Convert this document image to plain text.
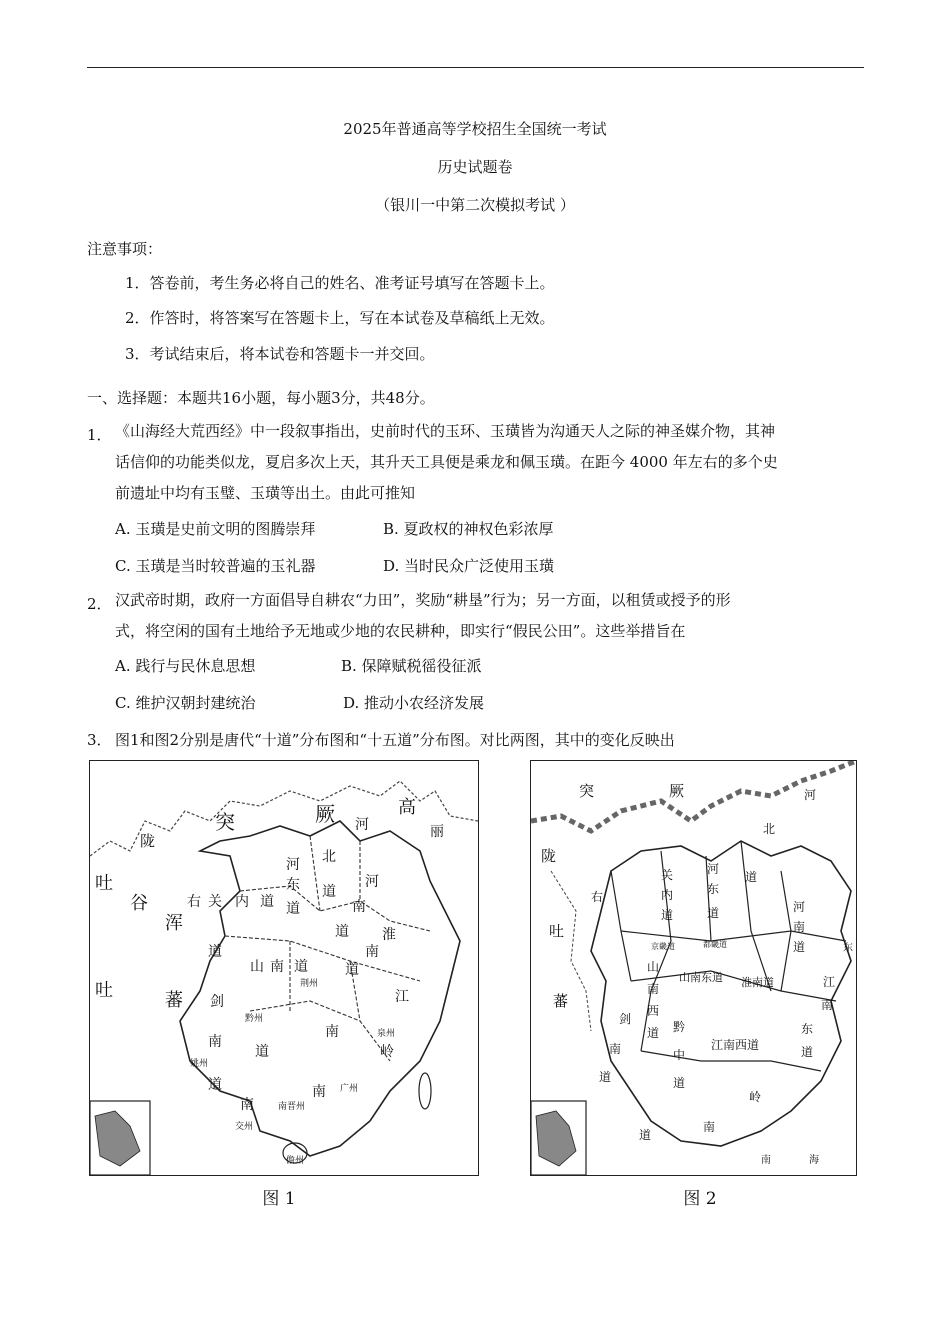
2025年普通高等学校招生全国统一考试
历史试题卷
（银川一中第二次模拟考试 ）
注意事项：
1．答卷前，考生务必将自己的姓名、准考证号填写在答题卡上。
2．作答时，将答案写在答题卡上，写在本试卷及草稿纸上无效。
3．考试结束后，将本试卷和答题卡一并交回。
一、选择题：本题共16小题，每小题3分，共48分。
1． 《山海经大荒西经》中一段叙事指出，史前时代的玉环、玉璜皆为沟通天人之际的神圣媒介物，其神
话信仰的功能类似龙，夏启多次上天，其升天工具便是乘龙和佩玉璜。在距今 4000 年左右的多个史
前遗址中均有玉璧、玉璜等出土。由此可推知
A. 玉璜是史前文明的图腾崇拜	B. 夏政权的神权色彩浓厚
C. 玉璜是当时较普遍的玉礼器	D. 当时民众广泛使用玉璜
2． 汉武帝时期，政府一方面倡导自耕农“力田”，奖励“耕垦”行为；另一方面，以租赁或授予的形
式，将空闲的国有土地给予无地或少地的农民耕种，即实行“假民公田”。这些举措旨在
A. 践行与民休息思想	B. 保障赋税徭役征派
C. 维护汉朝封建统治	D. 推动小农经济发展
3． 图1和图2分别是唐代“十道”分布图和“十五道”分布图。对比两图，其中的变化反映出
突	厥	高
丽
陇
吐
谷
浑
吐	蕃
河
北
道
河
东
道
关 内 道
右
道
河
南
道 淮
南
道
山 南 道
荆州
剑
南
道
黔州
江
南	泉州
岭
道
姚州
南 广州
南	南晋州
交州
儋州
图 1
突	厥	河
北
道
陇
右
关
内
道
河
东
道
都畿道
京畿道
河
南
道
吐
山
南
西
道
山南东道 淮南道	江
南
东
道
蕃
剑
南
道
黔
中
道
江南西道
岭
南
道
南	海
东
图 2
